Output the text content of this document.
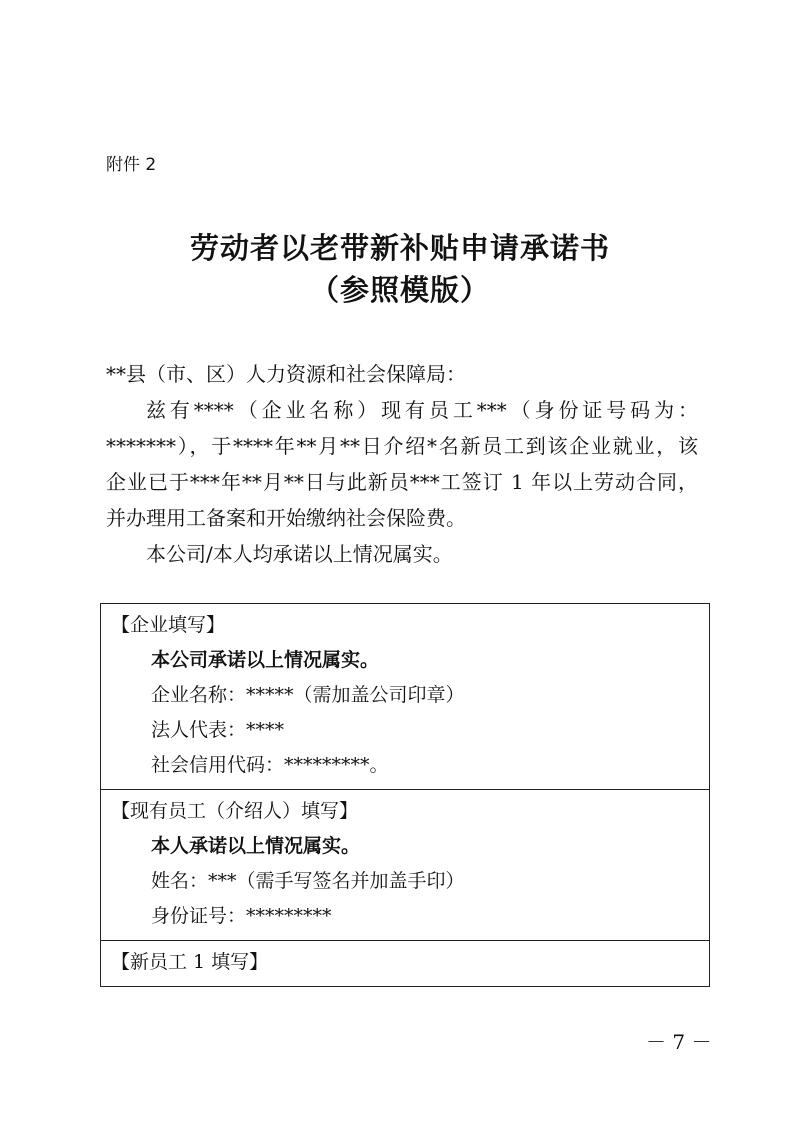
附件 2
劳动者以老带新补贴申请承诺书
（参照模版）

**县（市、区）人力资源和社会保障局：

兹有****（企业名称）现有员工***（身份证号码为：

*******），于****年**月**日介绍*名新员工到该企业就业，该

企业已于***年**月**日与此新员***工签订 1 年以上劳动合同，

并办理用工备案和开始缴纳社会保险费。

本公司/本人均承诺以上情况属实。

【企业填写】
本公司承诺以上情况属实。
企业名称：*****（需加盖公司印章）
法人代表：****
社会信用代码：*********。
【现有员工（介绍人）填写】
本人承诺以上情况属实。
姓名：***（需手写签名并加盖手印）
身份证号：*********
【新员工 1 填写】
－ 7 －
